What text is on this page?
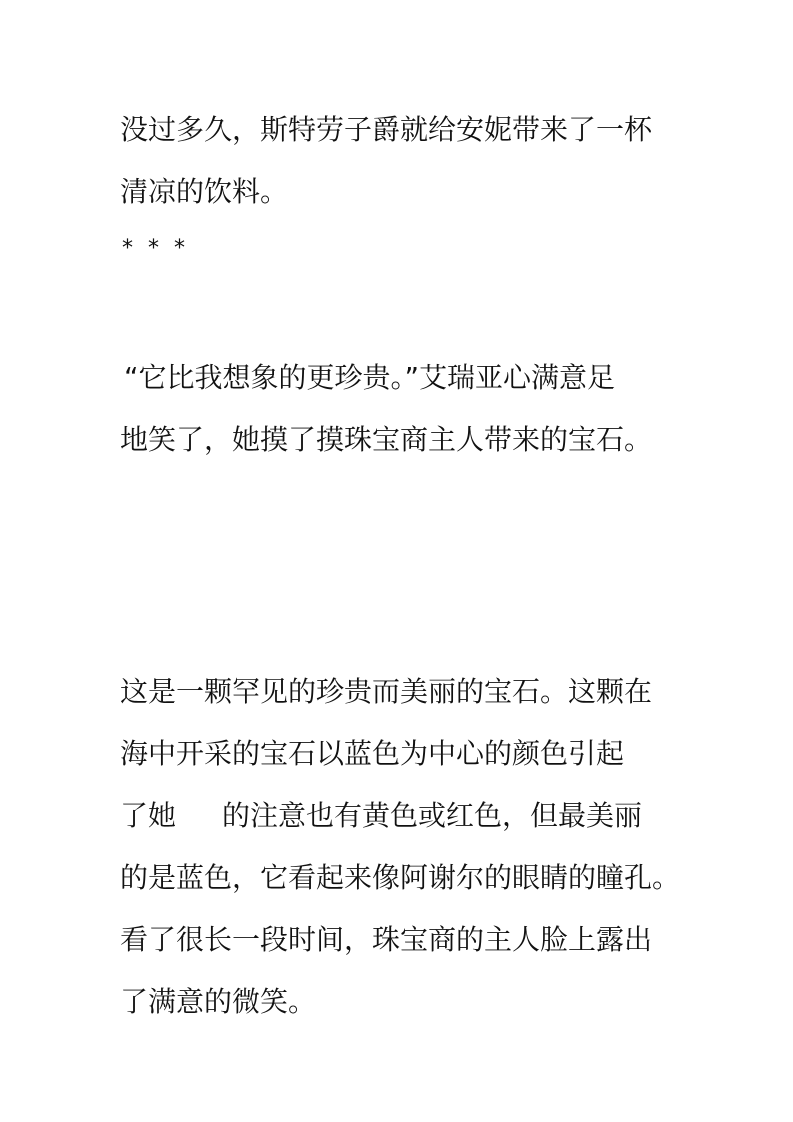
没过多久，斯特劳子爵就给安妮带来了一杯
清凉的饮料。
* * *
“它比我想象的更珍贵。”艾瑞亚心满意足
地笑了，她摸了摸珠宝商主人带来的宝石。
这是一颗罕见的珍贵而美丽的宝石。这颗在
海中开采的宝石以蓝色为中心的颜色引起
了她 的注意也有黄色或红色，但最美丽
的是蓝色，它看起来像阿谢尔的眼睛的瞳孔。
看了很长一段时间，珠宝商的主人脸上露出
了满意的微笑。
